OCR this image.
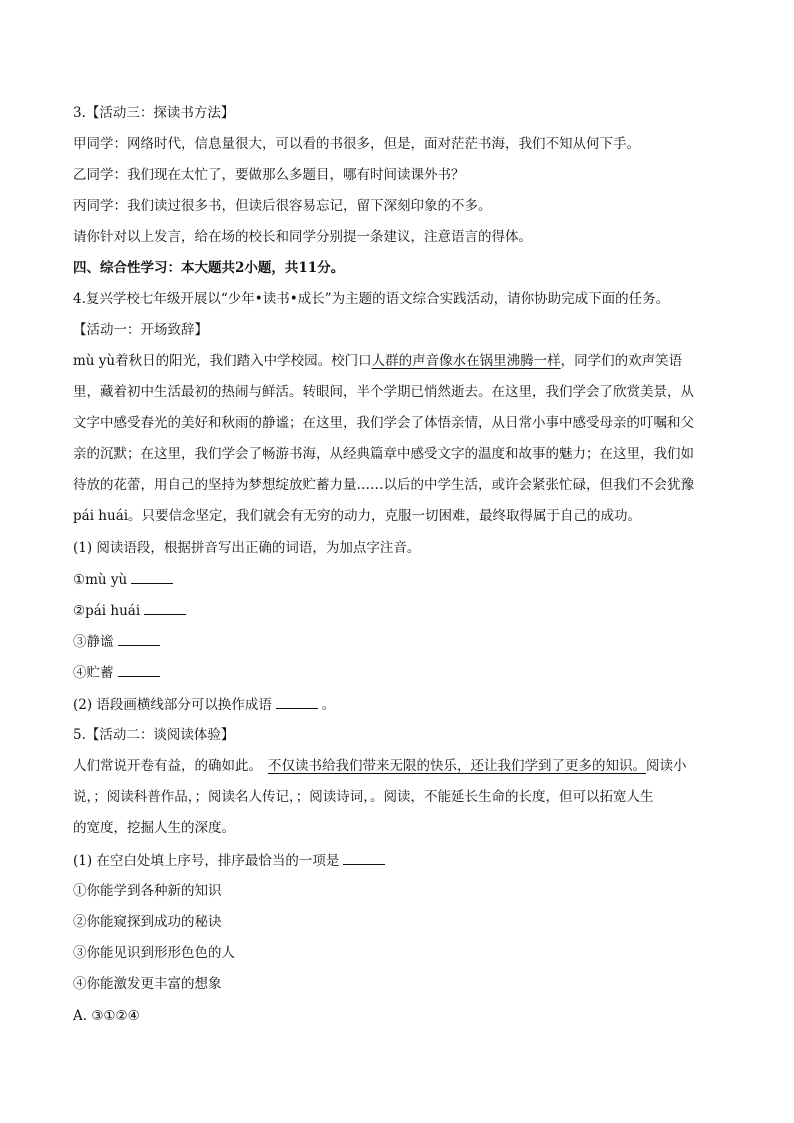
3.【活动三：探读书方法】
甲同学：网络时代，信息量很大，可以看的书很多，但是，面对茫茫书海，我们不知从何下手。
乙同学：我们现在太忙了，要做那么多题目，哪有时间读课外书？
丙同学：我们读过很多书，但读后很容易忘记，留下深刻印象的不多。
请你针对以上发言，给在场的校长和同学分别提一条建议，注意语言的得体。
四、综合性学习：本大题共2小题，共11分。
4.复兴学校七年级开展以“少年•读书•成长”为主题的语文综合实践活动，请你协助完成下面的任务。
【活动一：开场致辞】
mù yù着秋日的阳光，我们踏入中学校园。校门口人群的声音像水在锅里沸腾一样，同学们的欢声笑语
里，藏着初中生活最初的热闹与鲜活。转眼间，半个学期已悄然逝去。在这里，我们学会了欣赏美景，从
文字中感受春光的美好和秋雨的静谧；在这里，我们学会了体悟亲情，从日常小事中感受母亲的叮嘱和父
亲的沉默；在这里，我们学会了畅游书海，从经典篇章中感受文字的温度和故事的魅力；在这里，我们如
待放的花蕾，用自己的坚持为梦想绽放贮蓄力量……以后的中学生活，或许会紧张忙碌，但我们不会犹豫
pái huái。只要信念坚定，我们就会有无穷的动力，克服一切困难，最终取得属于自己的成功。
(1) 阅读语段，根据拼音写出正确的词语，为加点字注音。
①mù yù
②pái huái
③静谧
④贮蓄
(2) 语段画横线部分可以换作成语	。
5.【活动二：谈阅读体验】
人们常说开卷有益，的确如此。 不仅读书给我们带来无限的快乐，还让我们学到了更多的知识。阅读小
说，；阅读科普作品，；阅读名人传记，；阅读诗词，。阅读，不能延长生命的长度，但可以拓宽人生
的宽度，挖掘人生的深度。
(1) 在空白处填上序号，排序最恰当的一项是
①你能学到各种新的知识
②你能窥探到成功的秘诀
③你能见识到形形色色的人
④你能激发更丰富的想象
A. ③①②④
